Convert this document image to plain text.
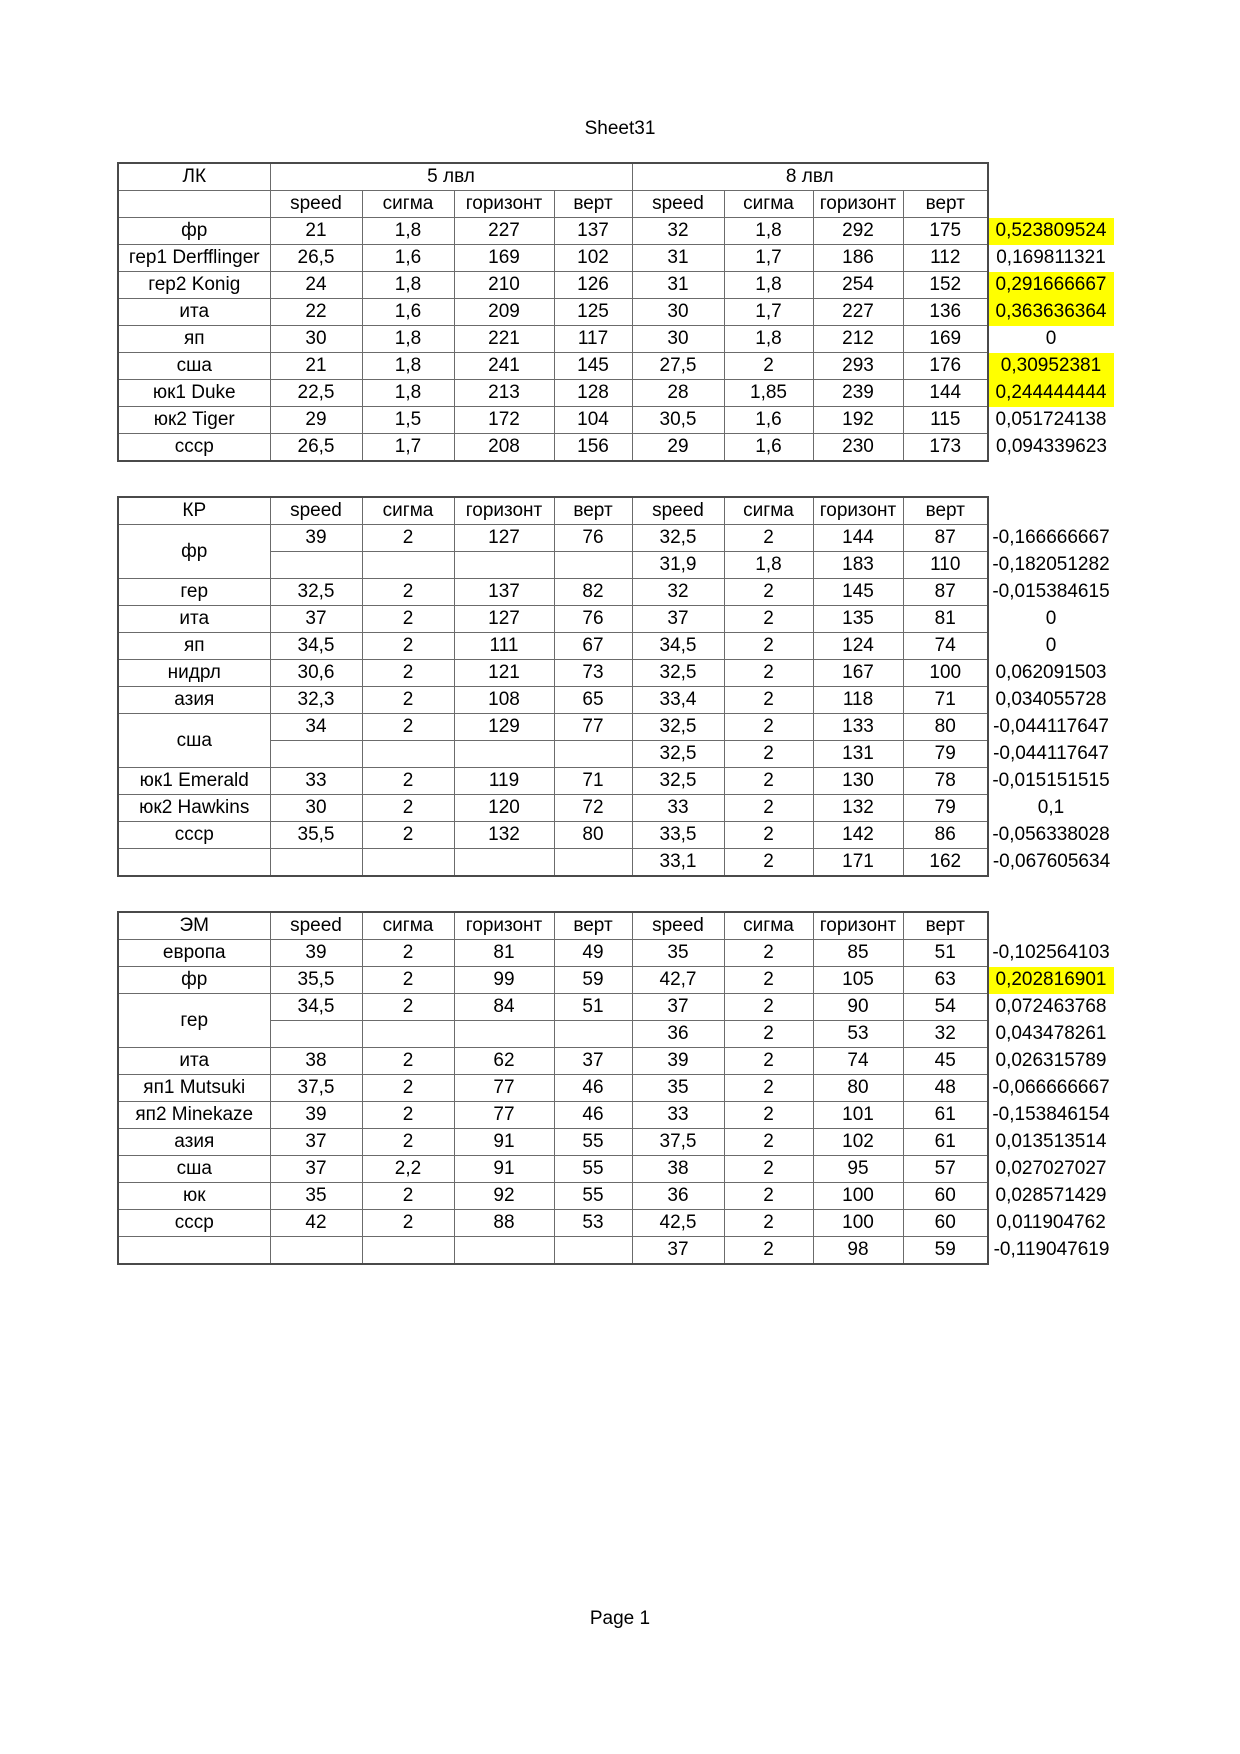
Sheet31
ЛК	5 лвл				8 лвл				
	speed	сигма	горизонт	верт	speed	сигма	горизонт	верт	
фр	21	1,8	227	137	32	1,8	292	175	0,523809524
гер1 Derfflinger	26,5	1,6	169	102	31	1,7	186	112	0,169811321
гер2 Konig	24	1,8	210	126	31	1,8	254	152	0,291666667
ита	22	1,6	209	125	30	1,7	227	136	0,363636364
яп	30	1,8	221	117	30	1,8	212	169	0
сша	21	1,8	241	145	27,5	2	293	176	0,30952381
юк1 Duke	22,5	1,8	213	128	28	1,85	239	144	0,244444444
юк2 Tiger	29	1,5	172	104	30,5	1,6	192	115	0,051724138
ссср	26,5	1,7	208	156	29	1,6	230	173	0,094339623
КР	speed	сигма	горизонт	верт	speed	сигма	горизонт	верт	
фр	39	2	127	76	32,5	2	144	87	-0,166666667
					31,9	1,8	183	110	-0,182051282
гер	32,5	2	137	82	32	2	145	87	-0,015384615
ита	37	2	127	76	37	2	135	81	0
яп	34,5	2	111	67	34,5	2	124	74	0
нидрл	30,6	2	121	73	32,5	2	167	100	0,062091503
азия	32,3	2	108	65	33,4	2	118	71	0,034055728
сша	34	2	129	77	32,5	2	133	80	-0,044117647
					32,5	2	131	79	-0,044117647
юк1 Emerald	33	2	119	71	32,5	2	130	78	-0,015151515
юк2 Hawkins	30	2	120	72	33	2	132	79	0,1
ссср	35,5	2	132	80	33,5	2	142	86	-0,056338028
					33,1	2	171	162	-0,067605634
ЭМ	speed	сигма	горизонт	верт	speed	сигма	горизонт	верт	
европа	39	2	81	49	35	2	85	51	-0,102564103
фр	35,5	2	99	59	42,7	2	105	63	0,202816901
гер	34,5	2	84	51	37	2	90	54	0,072463768
					36	2	53	32	0,043478261
ита	38	2	62	37	39	2	74	45	0,026315789
яп1 Mutsuki	37,5	2	77	46	35	2	80	48	-0,066666667
яп2 Minekaze	39	2	77	46	33	2	101	61	-0,153846154
азия	37	2	91	55	37,5	2	102	61	0,013513514
сша	37	2,2	91	55	38	2	95	57	0,027027027
юк	35	2	92	55	36	2	100	60	0,028571429
ссср	42	2	88	53	42,5	2	100	60	0,011904762
					37	2	98	59	-0,119047619
Page 1
